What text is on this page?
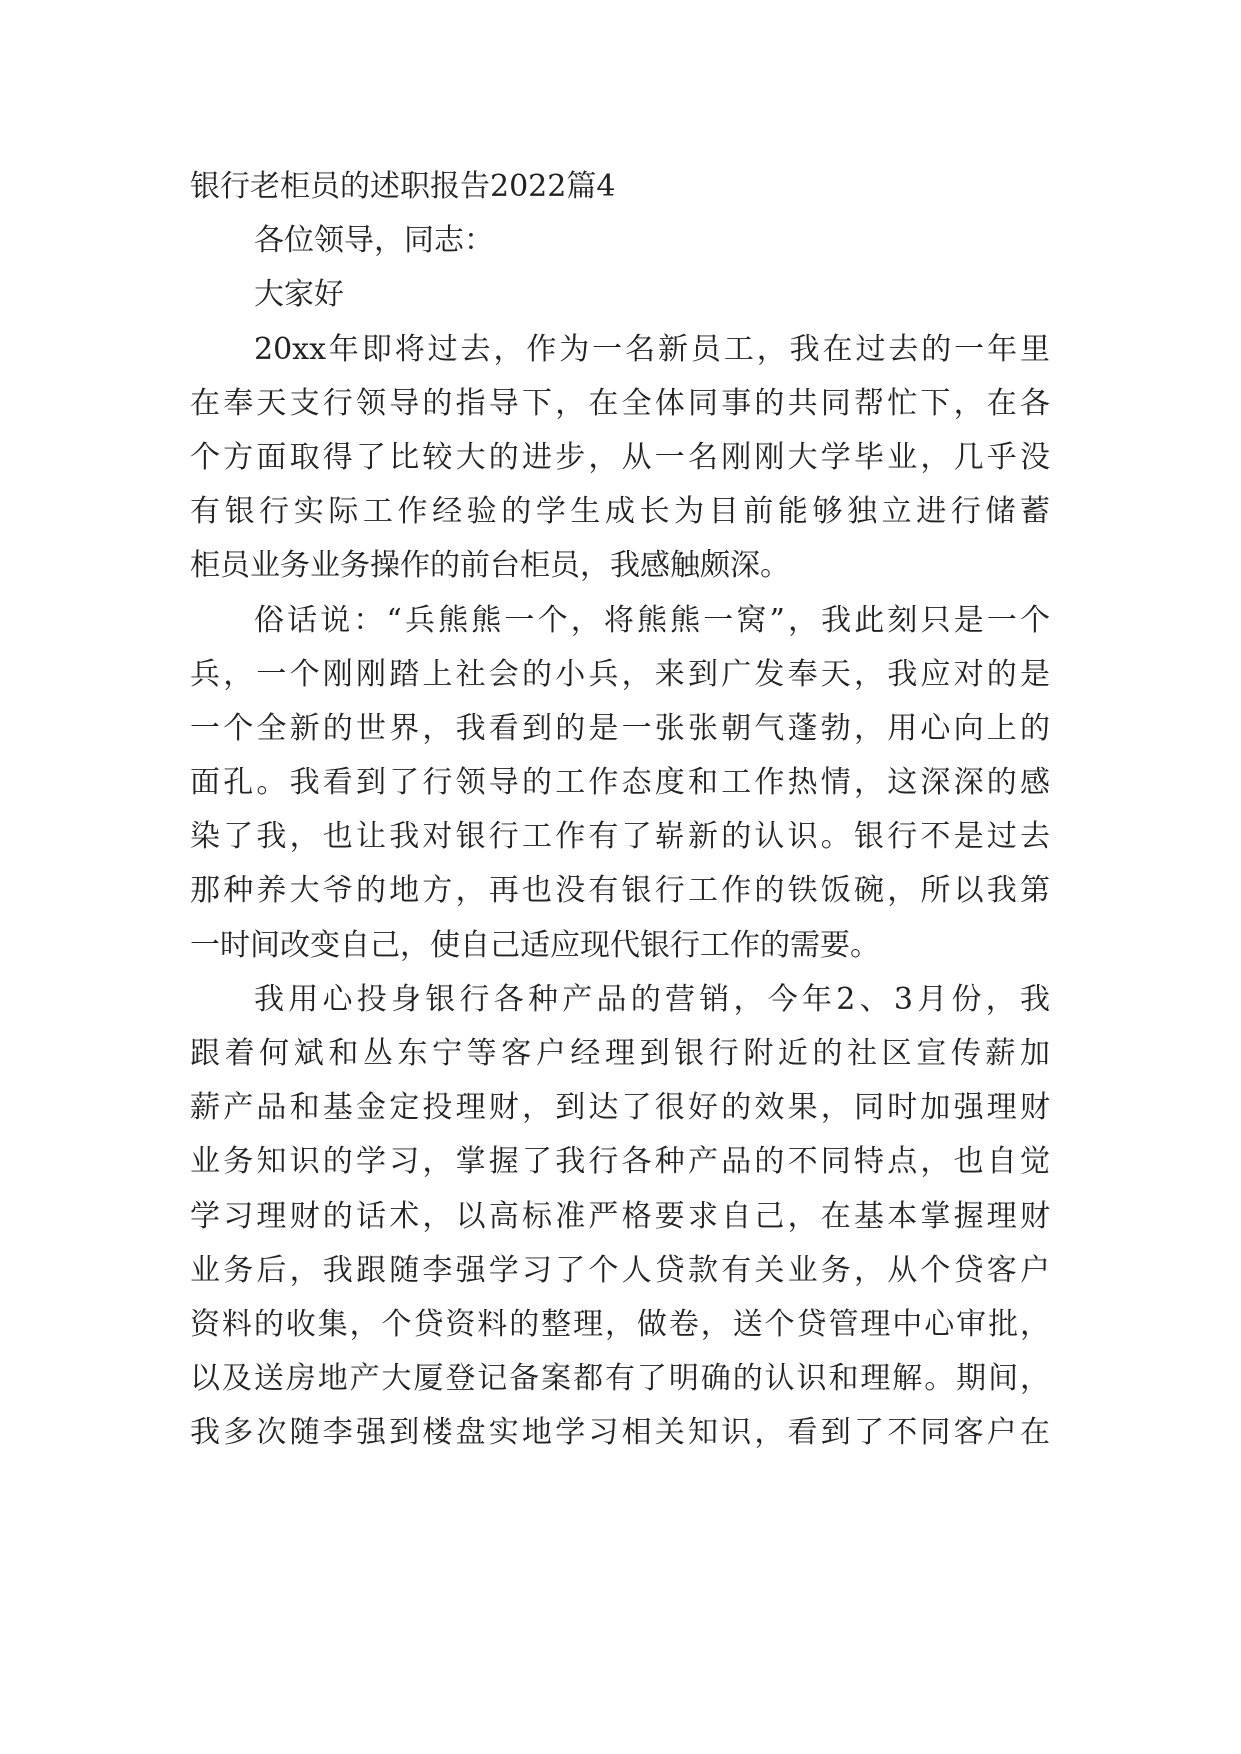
银行老柜员的述职报告2022篇4
各位领导，同志：
大家好
20xx年即将过去，作为一名新员工，我在过去的一年里
在奉天支行领导的指导下，在全体同事的共同帮忙下，在各
个方面取得了比较大的进步，从一名刚刚大学毕业，几乎没
有银行实际工作经验的学生成长为目前能够独立进行储蓄
柜员业务业务操作的前台柜员，我感触颇深。
俗话说：“兵熊熊一个，将熊熊一窝”，我此刻只是一个
兵，一个刚刚踏上社会的小兵，来到广发奉天，我应对的是
一个全新的世界，我看到的是一张张朝气蓬勃，用心向上的
面孔。我看到了行领导的工作态度和工作热情，这深深的感
染了我，也让我对银行工作有了崭新的认识。银行不是过去
那种养大爷的地方，再也没有银行工作的铁饭碗，所以我第
一时间改变自己，使自己适应现代银行工作的需要。
我用心投身银行各种产品的营销，今年2、3月份，我
跟着何斌和丛东宁等客户经理到银行附近的社区宣传薪加
薪产品和基金定投理财，到达了很好的效果，同时加强理财
业务知识的学习，掌握了我行各种产品的不同特点，也自觉
学习理财的话术，以高标准严格要求自己，在基本掌握理财
业务后，我跟随李强学习了个人贷款有关业务，从个贷客户
资料的收集，个贷资料的整理，做卷，送个贷管理中心审批，
以及送房地产大厦登记备案都有了明确的认识和理解。期间，
我多次随李强到楼盘实地学习相关知识，看到了不同客户在
